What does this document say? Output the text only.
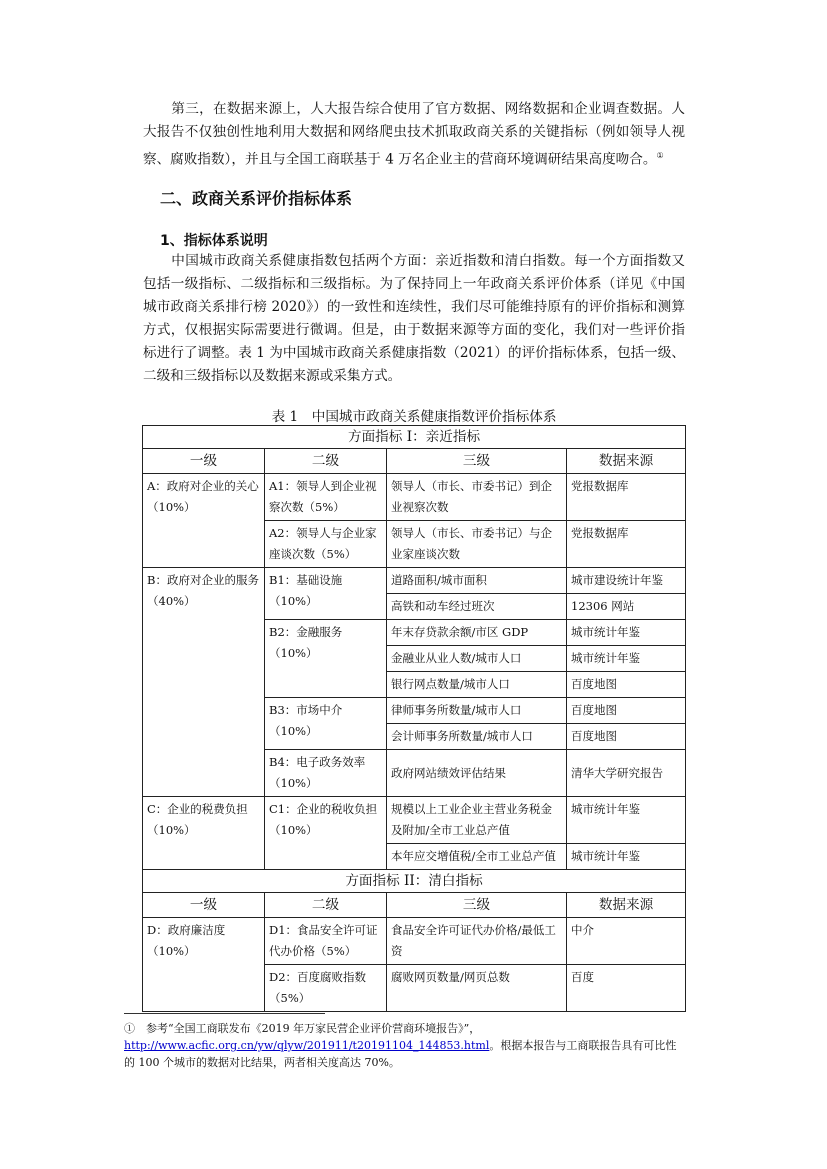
第三，在数据来源上，人大报告综合使用了官方数据、网络数据和企业调查数据。人大报告不仅独创性地利用大数据和网络爬虫技术抓取政商关系的关键指标（例如领导人视察、腐败指数），并且与全国工商联基于 4 万名企业主的营商环境调研结果高度吻合。①

二、政商关系评价指标体系
1、指标体系说明

中国城市政商关系健康指数包括两个方面：亲近指数和清白指数。每一个方面指数又包括一级指标、二级指标和三级指标。为了保持同上一年政商关系评价体系（详见《中国城市政商关系排行榜 2020》）的一致性和连续性，我们尽可能维持原有的评价指标和测算方式，仅根据实际需要进行微调。但是，由于数据来源等方面的变化，我们对一些评价指标进行了调整。表 1 为中国城市政商关系健康指数（2021）的评价指标体系，包括一级、二级和三级指标以及数据来源或采集方式。

表 1　中国城市政商关系健康指数评价指标体系
方面指标 I：亲近指标			
一级	二级	三级	数据来源
A：政府对企业的关心（10%）	A1：领导人到企业视察次数（5%）	领导人（市长、市委书记）到企业视察次数	党报数据库
	A2：领导人与企业家座谈次数（5%）	领导人（市长、市委书记）与企业家座谈次数	党报数据库
B：政府对企业的服务（40%）	B1：基础设施（10%）	道路面积/城市面积	城市建设统计年鉴
		高铁和动车经过班次	12306 网站
	B2：金融服务（10%）	年末存贷款余额/市区 GDP	城市统计年鉴
		金融业从业人数/城市人口	城市统计年鉴
		银行网点数量/城市人口	百度地图
	B3：市场中介（10%）	律师事务所数量/城市人口	百度地图
		会计师事务所数量/城市人口	百度地图
	B4：电子政务效率（10%）	政府网站绩效评估结果	清华大学研究报告
C：企业的税费负担（10%）	C1：企业的税收负担（10%）	规模以上工业企业主营业务税金及附加/全市工业总产值	城市统计年鉴
		本年应交增值税/全市工业总产值	城市统计年鉴
方面指标 II：清白指标			
一级	二级	三级	数据来源
D：政府廉洁度（10%）	D1：食品安全许可证代办价格（5%）	食品安全许可证代办价格/最低工资	中介
	D2：百度腐败指数（5%）	腐败网页数量/网页总数	百度

①　 参考“全国工商联发布《2019 年万家民营企业评价营商环境报告》”，
http://www.acfic.org.cn/yw/qlyw/201911/t20191104_144853.html。根据本报告与工商联报告具有可比性的 100 个城市的数据对比结果，两者相关度高达 70%。
